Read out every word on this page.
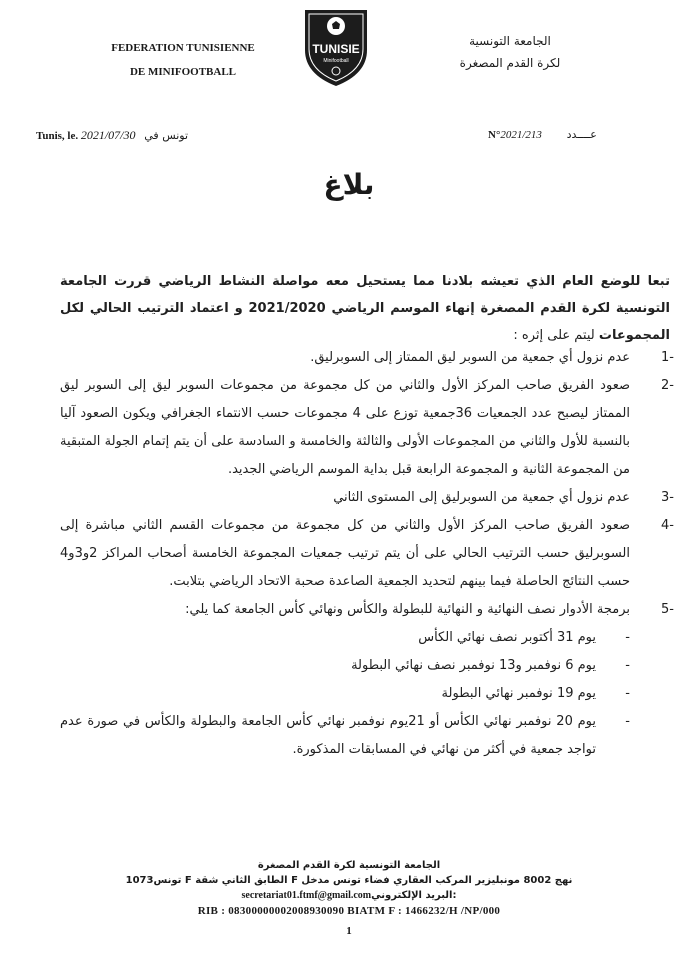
FEDERATION TUNISIENNE
DE MINIFOOTBALL
TUNISIE
Minifootball
الجامعة التونسية
لكرة القدم المصغرة
Tunis, le. 2021/07/30 تونس في	N°2021/213 عــــدد
بلاغ
تبعا للوضع العام الذي تعيشه بلادنا مما يستحيل معه مواصلة النشاط الرياضي قررت الجامعة التونسية لكرة القدم المصغرة إنهاء الموسم الرياضي 2021/2020 و اعتماد الترتيب الحالي لكل المجموعات ليتم على إثره :
-1
عدم نزول أي جمعية من السوبر ليق الممتاز إلى السوبرليق.
-2
صعود الفريق صاحب المركز الأول والثاني من كل مجموعة من مجموعات السوبر ليق إلى السوبر ليق الممتاز ليصبح عدد الجمعيات 36جمعية توزع على 4 مجموعات حسب الانتماء الجغرافي ويكون الصعود آليا بالنسبة للأول والثاني من المجموعات الأولى والثالثة والخامسة و السادسة على أن يتم إتمام الجولة المتبقية من المجموعة الثانية و المجموعة الرابعة قبل بداية الموسم الرياضي الجديد.
-3
عدم نزول أي جمعية من السوبرليق إلى المستوى الثاني
-4
صعود الفريق صاحب المركز الأول والثاني من كل مجموعة من مجموعات القسم الثاني مباشرة إلى السوبرليق حسب الترتيب الحالي على أن يتم ترتيب جمعيات المجموعة الخامسة أصحاب المراكز 2و3و4 حسب النتائج الحاصلة فيما بينهم لتحديد الجمعية الصاعدة صحبة الاتحاد الرياضي بتلابت.
-5
برمجة الأدوار نصف النهائية و النهائية للبطولة والكأس ونهائي كأس الجامعة كما يلي:
-
يوم 31 أكتوبر نصف نهائي الكأس
-
يوم 6 نوفمبر و13 نوفمبر نصف نهائي البطولة
-
يوم 19 نوفمبر نهائي البطولة
-
يوم 20 نوفمبر نهائي الكأس أو 21يوم نوفمبر نهائي كأس الجامعة والبطولة والكأس في صورة عدم تواجد جمعية في أكثر من نهائي في المسابقات المذكورة.
الجامعة التونسية لكرة القدم المصغرة
نهج 8002 مونبليزير المركب العقاري فضاء تونس مدخل F الطابق الثاني شقة F تونس1073
secretariat01.ftmf@gmail.comالبريد الإلكتروني:
RIB : 08300000002008930090 BIATM F : 1466232/H /NP/000
1
